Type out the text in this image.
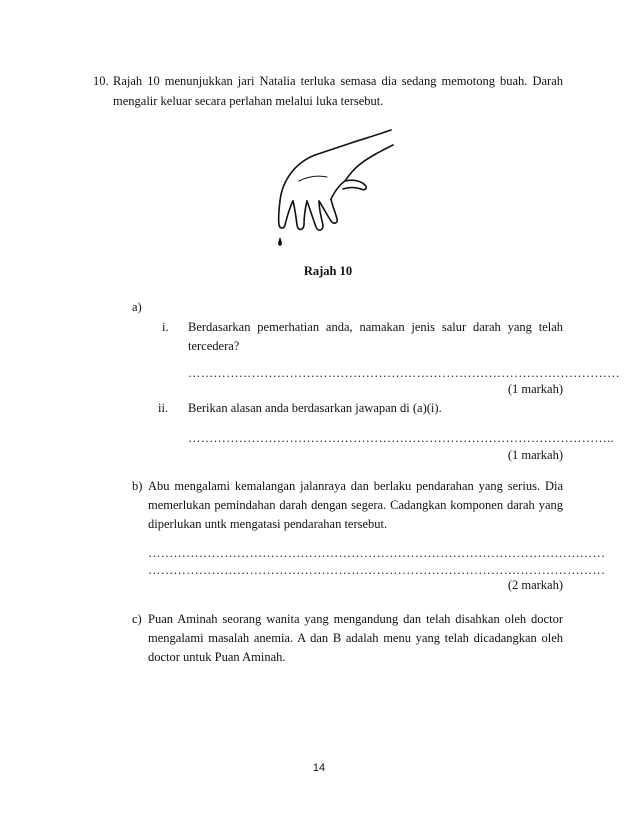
10. Rajah 10 menunjukkan jari Natalia terluka semasa dia sedang memotong buah. Darah
mengalir keluar secara perlahan melalui luka tersebut.
Rajah 10
a)
i. Berdasarkan pemerhatian anda, namakan jenis salur darah yang telah
tercedera?
…………………………………………………………………………………………
(1 markah)
ii. Berikan alasan anda berdasarkan jawapan di (a)(i).
………………………………………………………………………………………..
(1 markah)
b) Abu mengalami kemalangan jalanraya dan berlaku pendarahan yang serius. Dia
memerlukan pemindahan darah dengan segera. Cadangkan komponen darah yang
diperlukan untk mengatasi pendarahan tersebut.
………………………………………………………………………………………………
………………………………………………………………………………………………
(2 markah)
c) Puan Aminah seorang wanita yang mengandung dan telah disahkan oleh doctor
mengalami masalah anemia. A dan B adalah menu yang telah dicadangkan oleh
doctor untuk Puan Aminah.
14
